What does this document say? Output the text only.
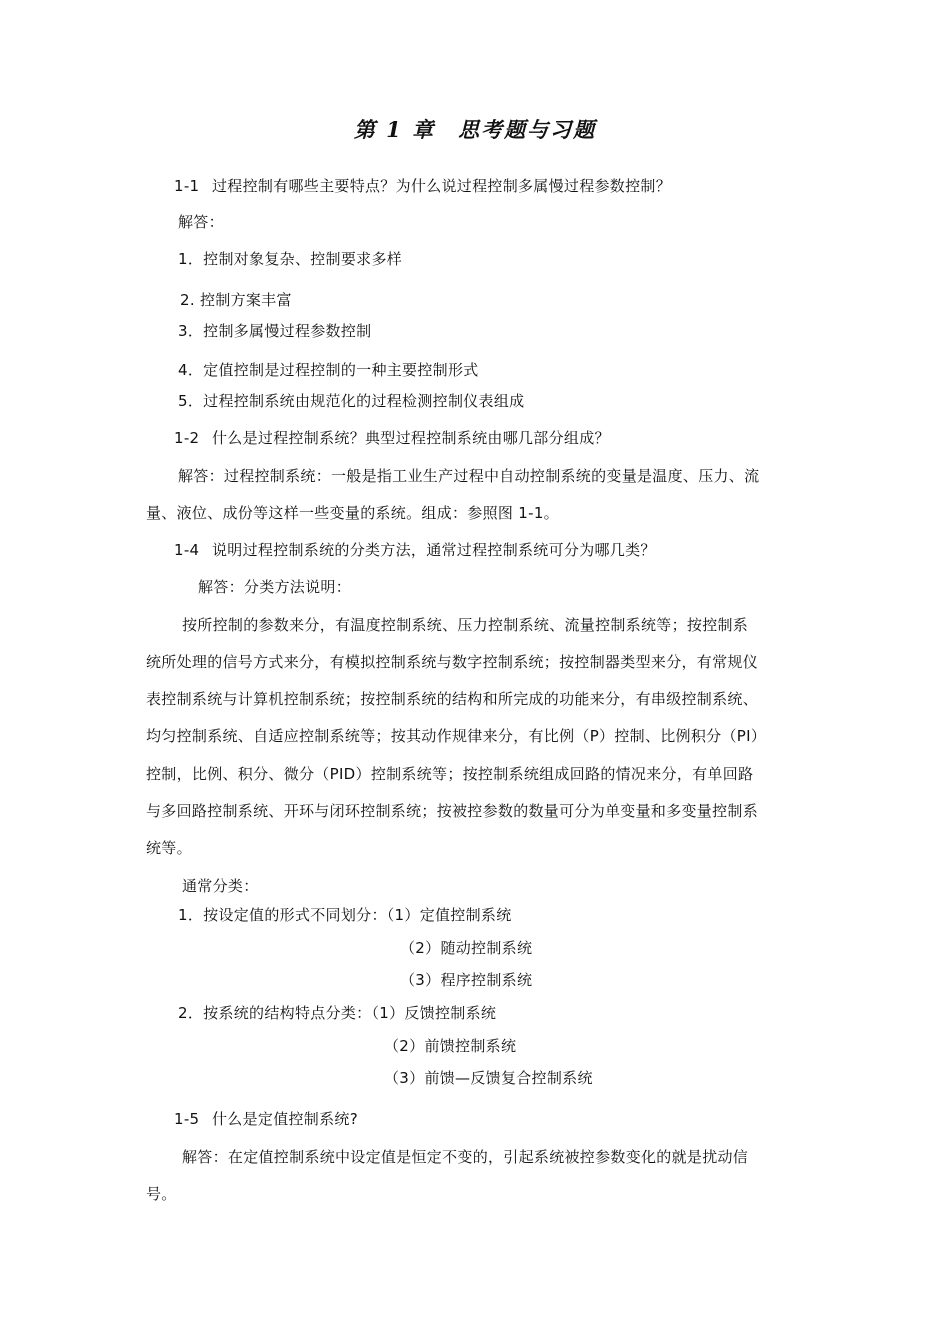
第 1 章　思考题与习题
1-1 过程控制有哪些主要特点？为什么说过程控制多属慢过程参数控制？
解答：
1．控制对象复杂、控制要求多样
2. 控制方案丰富
3．控制多属慢过程参数控制
4．定值控制是过程控制的一种主要控制形式
5．过程控制系统由规范化的过程检测控制仪表组成
1-2 什么是过程控制系统？典型过程控制系统由哪几部分组成？
解答：过程控制系统：一般是指工业生产过程中自动控制系统的变量是温度、压力、流
量、液位、成份等这样一些变量的系统。组成：参照图 1-1。
1-4 说明过程控制系统的分类方法，通常过程控制系统可分为哪几类？
解答：分类方法说明：
按所控制的参数来分，有温度控制系统、压力控制系统、流量控制系统等；按控制系
统所处理的信号方式来分，有模拟控制系统与数字控制系统；按控制器类型来分，有常规仪
表控制系统与计算机控制系统；按控制系统的结构和所完成的功能来分，有串级控制系统、
均匀控制系统、自适应控制系统等；按其动作规律来分，有比例（P）控制、比例积分（PI）
控制，比例、积分、微分（PID）控制系统等；按控制系统组成回路的情况来分，有单回路
与多回路控制系统、开环与闭环控制系统；按被控参数的数量可分为单变量和多变量控制系
统等。
通常分类：
1．按设定值的形式不同划分：（1）定值控制系统
（2）随动控制系统
（3）程序控制系统
2．按系统的结构特点分类：（1）反馈控制系统
（2）前馈控制系统
（3）前馈—反馈复合控制系统
1-5 什么是定值控制系统?
解答：在定值控制系统中设定值是恒定不变的，引起系统被控参数变化的就是扰动信
号。
